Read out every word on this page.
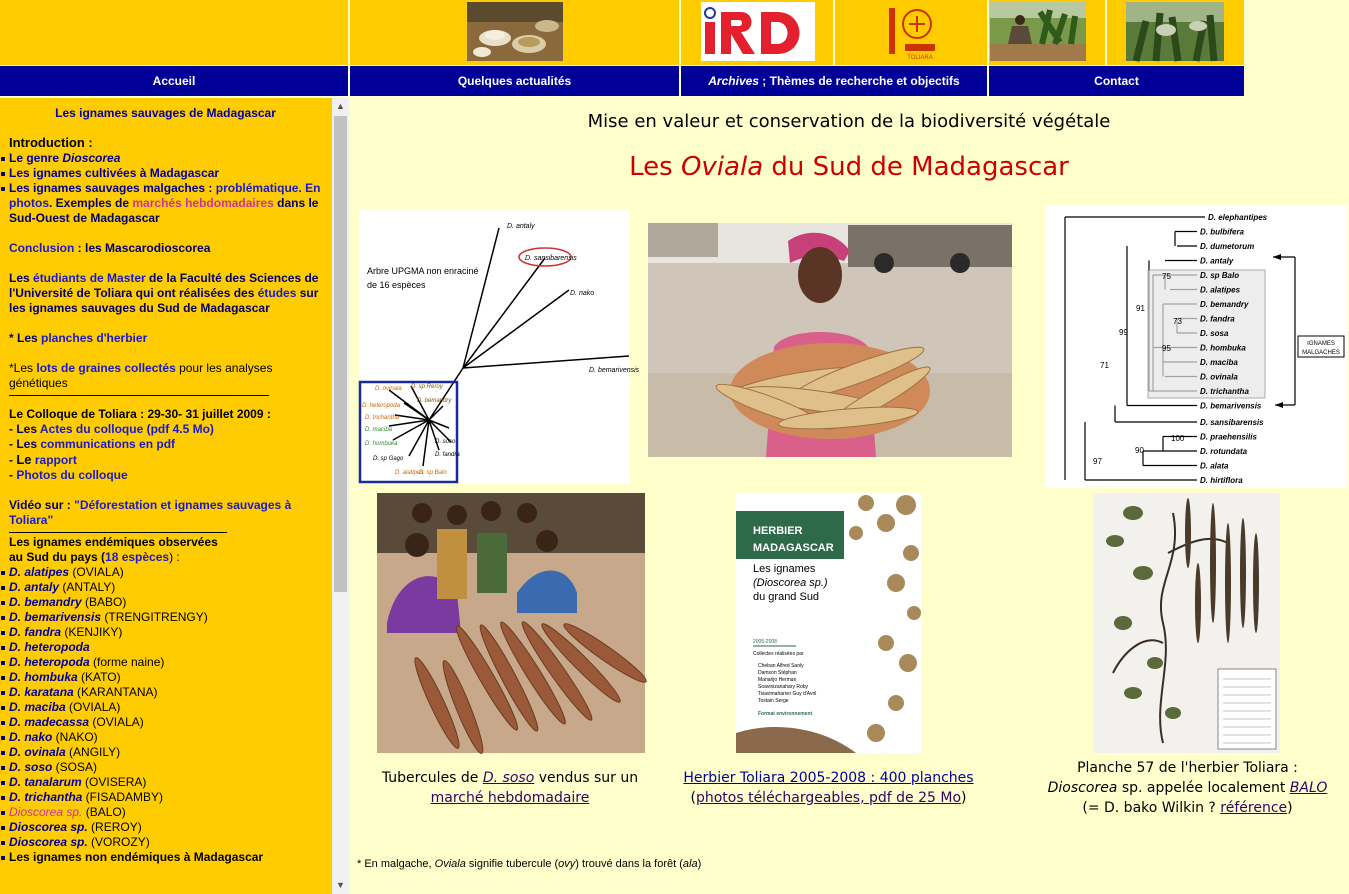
TOLIARA
Accueil	Quelques actualités	Archives ; Thèmes de recherche et objectifs	Contact
Les ignames sauvages de Madagascar
Introduction :
Le genre Dioscorea
Les ignames cultivées à Madagascar
Les ignames sauvages malgaches : problématique. En photos. Exemples de marchés hebdomadaires dans le Sud-Ouest de Madagascar
Conclusion : les Mascarodioscorea
Les étudiants de Master de la Faculté des Sciences de l'Université de Toliara qui ont réalisées des études sur les ignames sauvages du Sud de Madagascar
* Les planches d'herbier
*Les lots de graines collectés pour les analyses génétiques
Le Colloque de Toliara : 29-30- 31 juillet 2009 :
- Les Actes du colloque (pdf 4.5 Mo)
- Les communications en pdf
- Le rapport
- Photos du colloque
Vidéo sur : "Déforestation et ignames sauvages à Toliara"
Les ignames endémiques observées
au Sud du pays (18 espèces) :
D. alatipes (OVIALA)
D. antaly (ANTALY)
D. bemandry (BABO)
D. bemarivensis (TRENGITRENGY)
D. fandra (KENJIKY)
D. heteropoda
D. heteropoda (forme naine)
D. hombuka (KATO)
D. karatana (KARANTANA)
D. maciba (OVIALA)
D. madecassa (OVIALA)
D. nako (NAKO)
D. ovinala (ANGILY)
D. soso (SOSA)
D. tanalarum (OVISERA)
D. trichantha (FISADAMBY)
Dioscorea sp. (BALO)
Dioscorea sp. (REROY)
Dioscorea sp. (VOROZY)
Les ignames non endémiques à Madagascar
▲
▼
Mise en valeur et conservation de la biodiversité végétale
Les Oviala du Sud de Madagascar
D. antaly
D. sansibarensis
D. nako
D. bemarivensis
Arbre UPGMA non enraciné
de 16 espèces
D. ovinala D. sp Reroy
D. heteropoda
D. bemandry
D. trichantha
D. maciba
D. hombuka	D. soso
D. fandra
D. sp Gago
D. alatipes
D. sp Balo
D. elephantipes
D. bulbifera
D. dumetorum
D. antaly
D. sp Balo
D. alatipes
D. bemandry
D. fandra
D. sosa
D. hombuka
D. maciba
D. ovinala
D. trichantha
D. bemarivensis
D. sansibarensis
D. praehensilis
D. rotundata
D. alata
D. hirtiflora
75
91
73
99
95
71
100
90
97
IGNAMES
MALGACHES
HERBIER
MADAGASCAR
Les ignames
(Dioscorea sp.)
du grand Sud
2005-2008
Collectes réalisées par
Cheban Alfred Saoly
Damson Stéphan
Manarijo Herman
Soavinizanahary Roby
Tsiavimaharivo Guy d'Avril
Tostain Serge
Format environnement
Tubercules de D. soso vendus sur un
marché hebdomadaire
Herbier Toliara 2005-2008 : 400 planches
(photos téléchargeables, pdf de 25 Mo)
Planche 57 de l'herbier Toliara :
Dioscorea sp. appelée localement BALO
(= D. bako Wilkin ? référence)
* En malgache, Oviala signifie tubercule (ovy) trouvé dans la forêt (ala)
